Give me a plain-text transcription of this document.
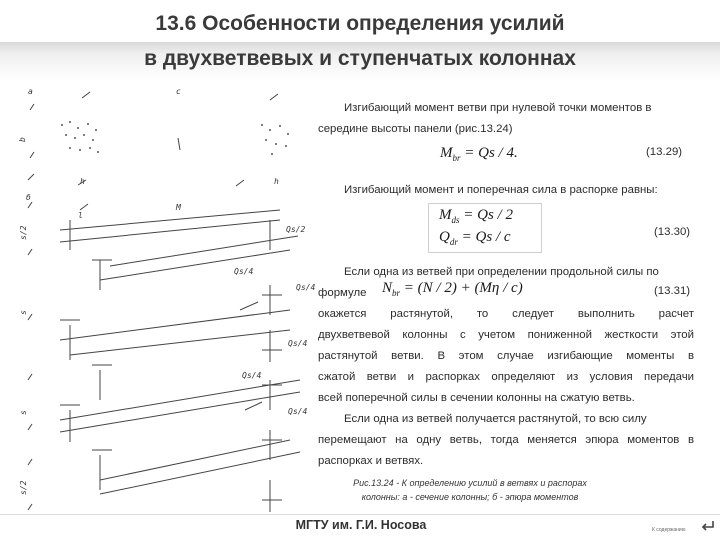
13.6 Особенности определения усилий
в двухветвевых и ступенчатых колоннах
a	с
b
h	h
б
l
M
s/2
s
s
s/2
Qs/2
Qs/4
Qs/4
Qs/4
Qs/4
Qs/4
Изгибающий момент ветви при нулевой точки моментов в
середине высоты панели (рис.13.24)
$M_{br} = Qs / 4$.	(13.29)
Изгибающий момент и поперечная сила в распорке равны:
$M_{ds} = Qs / 2$
$Q_{dr} = Qs / c$	(13.30)
Если одна из ветвей при определении продольной силы по
формуле $N_{br} = (N / 2) + (M\eta / c)$	(13.31)
окажется растянутой, то следует выполнить расчет
двухветвевой колонны с учетом пониженной жесткости этой
растянутой ветви. В этом случае изгибающие моменты в
сжатой ветви и распорках определяют из условия передачи
всей поперечной силы в сечении колонны на сжатую ветвь.
Если одна из ветвей получается растянутой, то всю силу
перемещают на одну ветвь, тогда меняется эпюра моментов в
распорках и ветвях.
Рис.13.24 - К определению усилий в ветвях и распорах
колонны: а - сечение колонны; б - эпюра моментов
МГТУ им. Г.И. Носова	К содержанию
